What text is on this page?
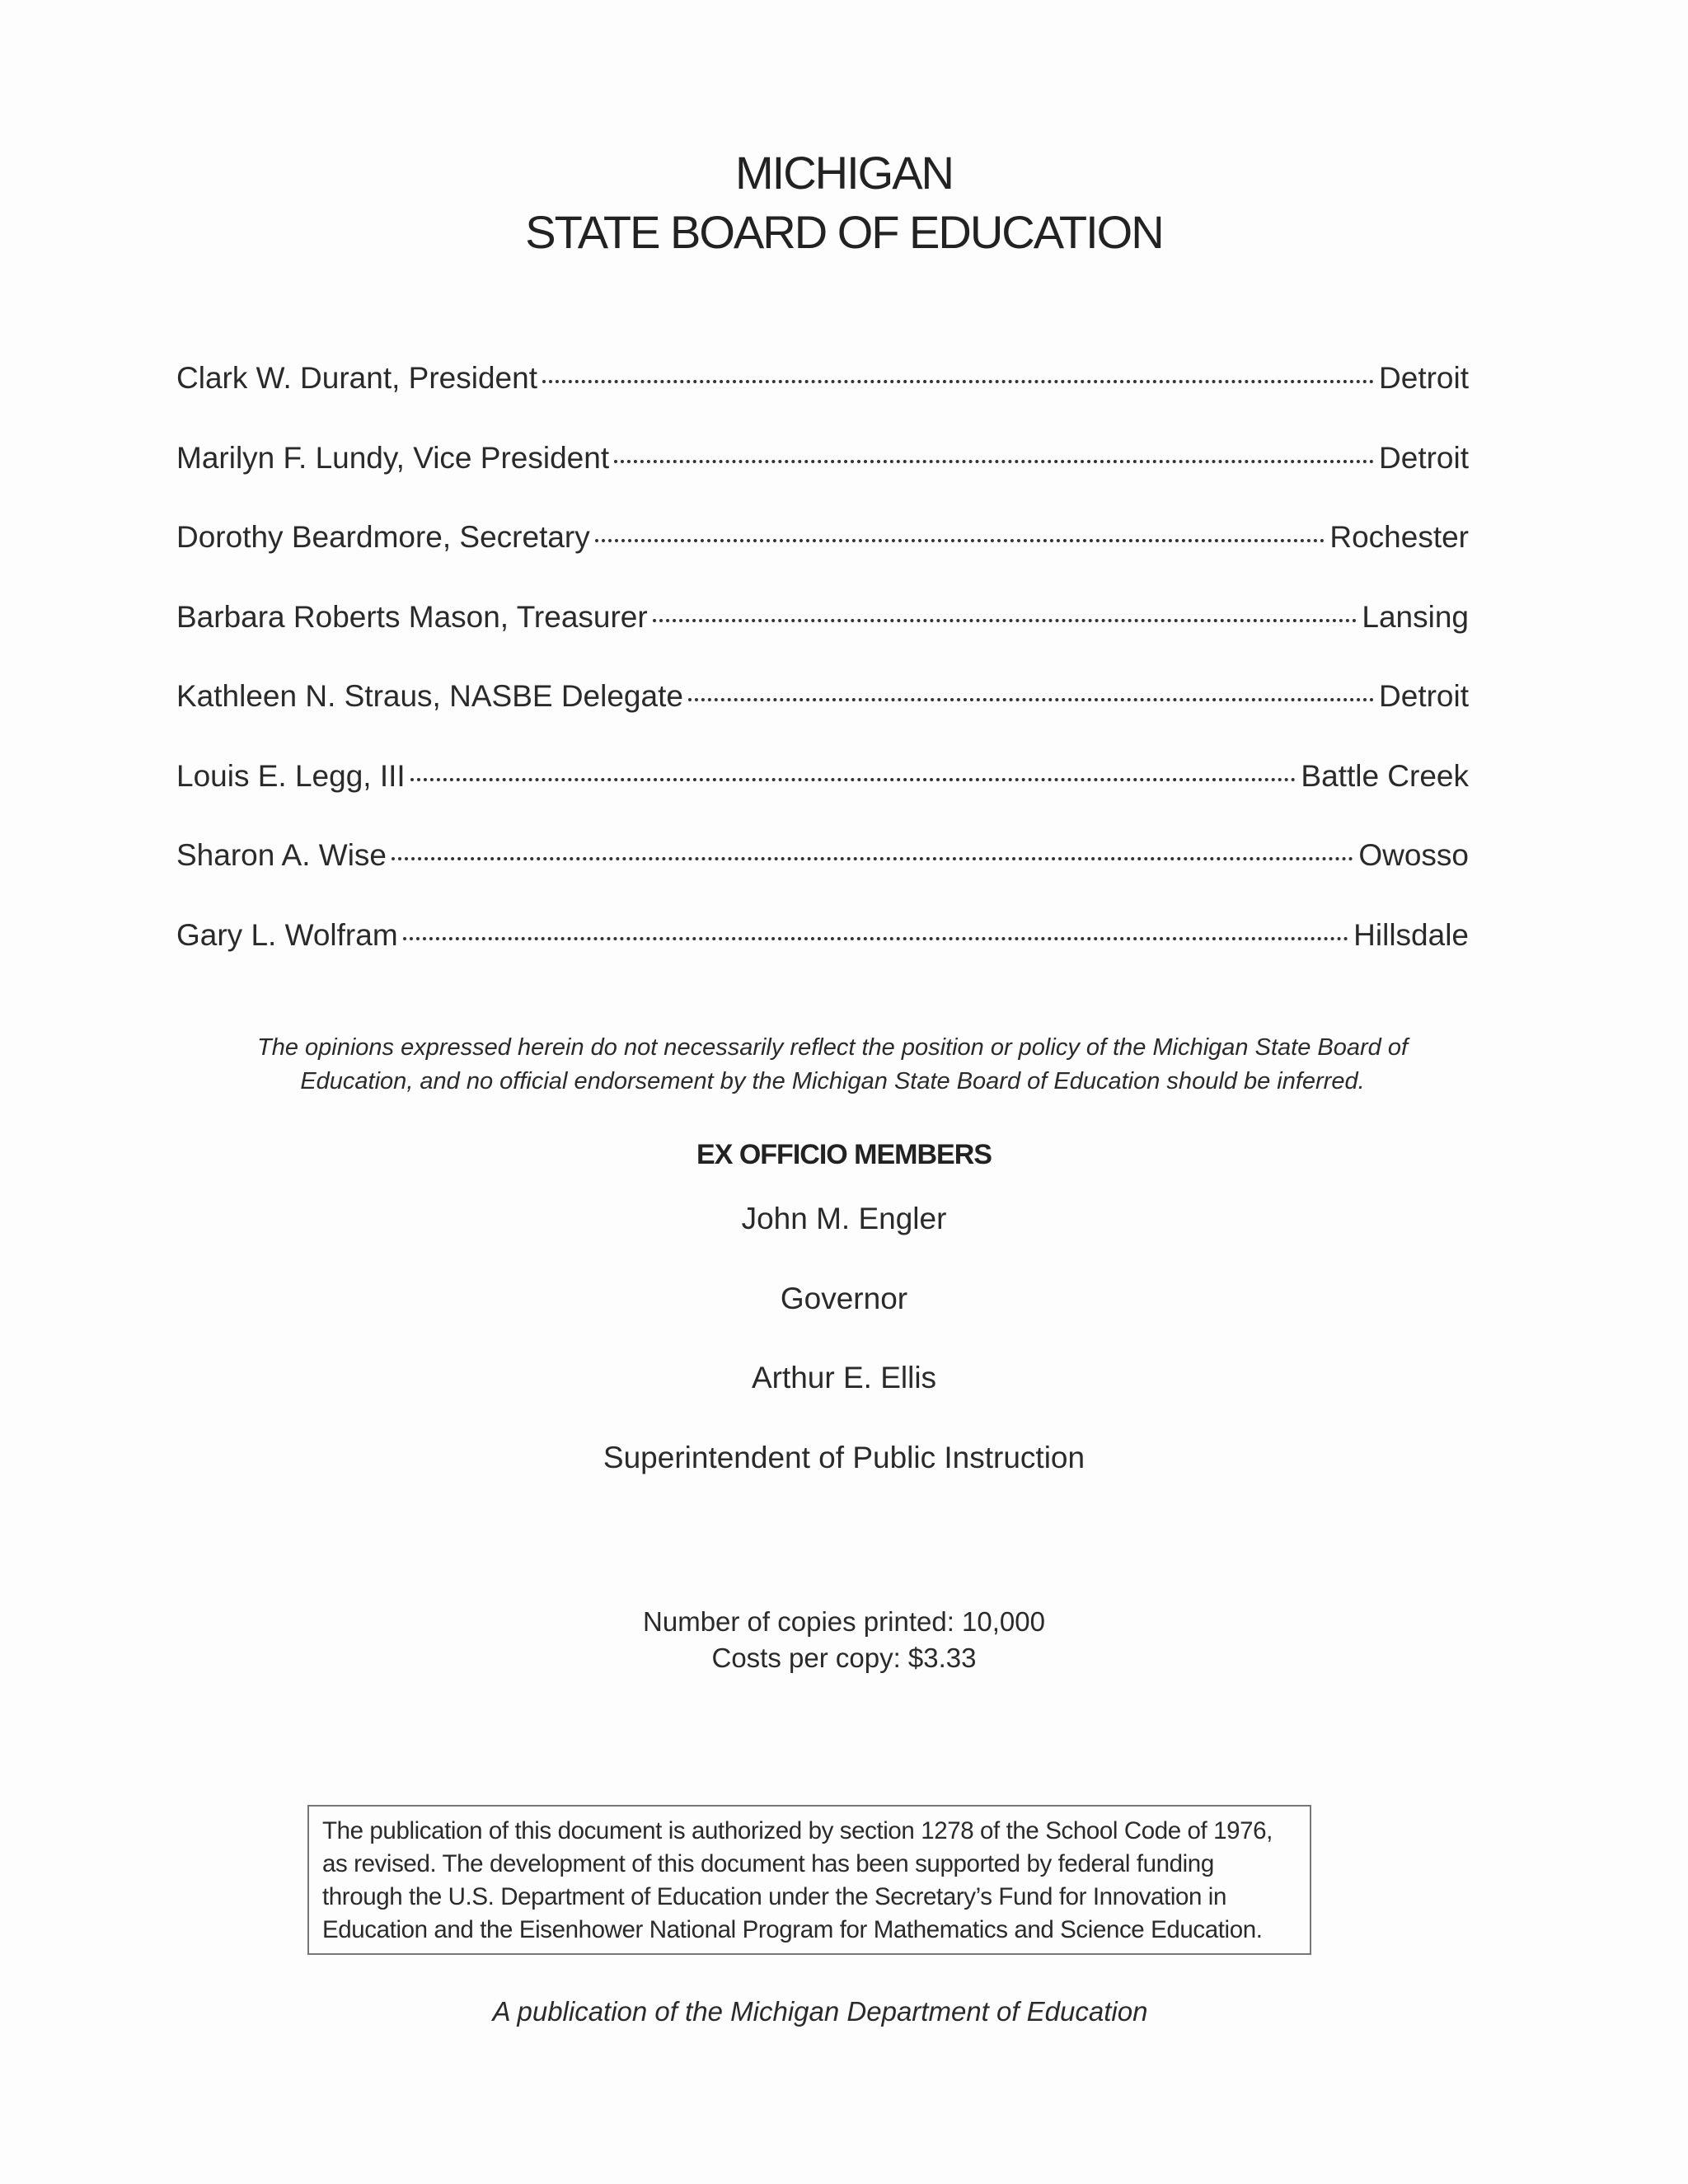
MICHIGAN
STATE BOARD OF EDUCATION
Clark W. Durant, President	Detroit
Marilyn F. Lundy, Vice President	Detroit
Dorothy Beardmore, Secretary	Rochester
Barbara Roberts Mason, Treasurer	Lansing
Kathleen N. Straus, NASBE Delegate	Detroit
Louis E. Legg, III	Battle Creek
Sharon A. Wise	Owosso
Gary L. Wolfram	Hillsdale

The opinions expressed herein do not necessarily reflect the position or policy of the Michigan State Board of Education, and no official endorsement by the Michigan State Board of Education should be inferred.

EX OFFICIO MEMBERS
John M. Engler
Governor
Arthur E. Ellis
Superintendent of Public Instruction
Number of copies printed: 10,000
Costs per copy: $3.33
The publication of this document is authorized by section 1278 of the School Code of 1976, as revised. The development of this document has been supported by federal funding through the U.S. Department of Education under the Secretary’s Fund for Innovation in Education and the Eisenhower National Program for Mathematics and Science Education.
A publication of the Michigan Department of Education
